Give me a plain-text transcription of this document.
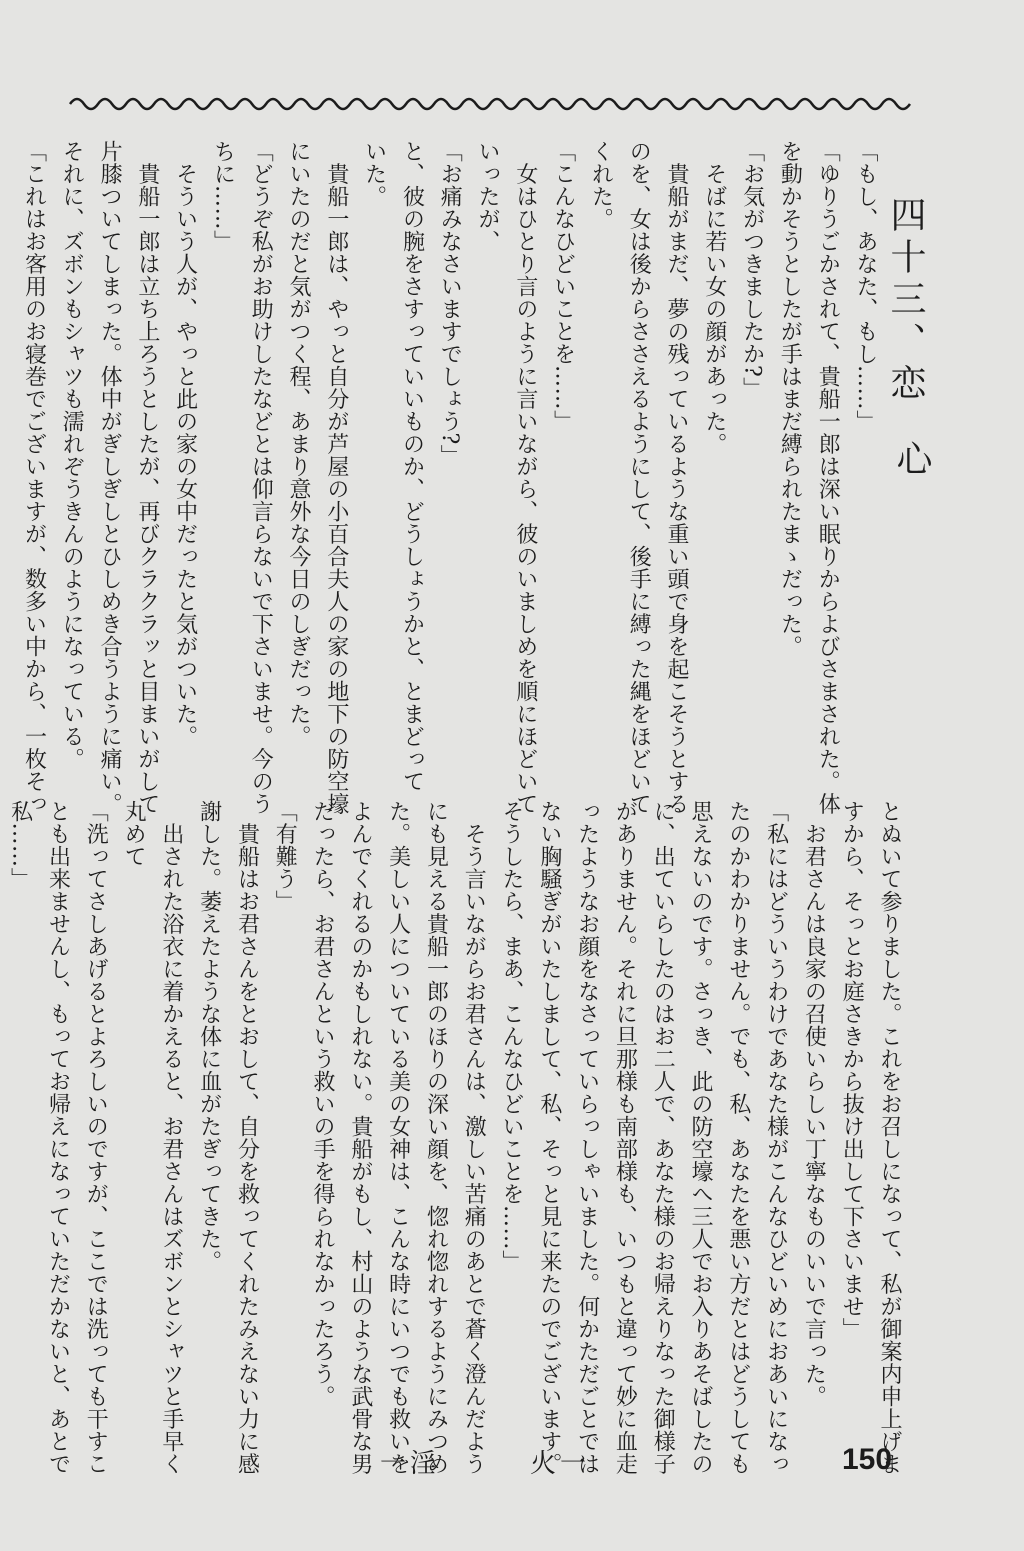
四十三、恋
心
「もし、あなた、もし……」
「ゆりうごかされて、貴船一郎は深い眠りからよびさまされた。体
を動かそうとしたが手はまだ縛られたまゝだった。
「お気がつきましたか?」
　そばに若い女の顔があった。
　貴船がまだ、夢の残っているような重い頭で身を起こそうとする
のを、女は後からささえるようにして、後手に縛った縄をほどいて
くれた。
「こんなひどいことを……」
　女はひとり言のように言いながら、彼のいましめを順にほどいて
いったが、
「お痛みなさいますでしょう?」
と、彼の腕をさすっていいものか、どうしょうかと、とまどって
いた。
　貴船一郎は、やっと自分が芦屋の小百合夫人の家の地下の防空壕
にいたのだと気がつく程、あまり意外な今日のしぎだった。
「どうぞ私がお助けしたなどとは仰言らないで下さいませ。今のう
ちに……」
　そういう人が、やっと此の家の女中だったと気がついた。
　貴船一郎は立ち上ろうとしたが、再びクラクラッと目まいがして
片膝ついてしまった。体中がぎしぎしとひしめき合うように痛い。
それに、ズボンもシャツも濡れぞうきんのようになっている。
「これはお客用のお寝巻でございますが、数多い中から、一枚そっ
とぬいて参りました。これをお召しになって、私が御案内申上げま
すから、そっとお庭さきから抜け出して下さいませ」
　お君さんは良家の召使いらしい丁寧なものいいで言った。
「私にはどういうわけであなた様がこんなひどいめにおあいになっ
たのかわかりません。でも、私、あなたを悪い方だとはどうしても
思えないのです。さっき、此の防空壕へ三人でお入りあそばしたの
に、出ていらしたのはお二人で、あなた様のお帰えりなった御様子
がありません。それに旦那様も南部様も、いつもと違って妙に血走
ったようなお顔をなさっていらっしゃいました。何かただごとでは
ない胸騒ぎがいたしまして、私、そっと見に来たのでございます。
そうしたら、まあ、こんなひどいことを……」
　そう言いながらお君さんは、激しい苦痛のあとで蒼く澄んだよう
にも見える貴船一郎のほりの深い顔を、惚れ惚れするようにみつめ
た。美しい人についている美の女神は、こんな時にいつでも救いを
よんでくれるのかもしれない。貴船がもし、村山のような武骨な男
だったら、お君さんという救いの手を得られなかったろう。
「有難う」
　貴船はお君さんをとおして、自分を救ってくれたみえない力に感
謝した。萎えたような体に血がたぎってきた。
　出された浴衣に着かえると、お君さんはズボンとシャツと手早く
丸めて
「洗ってさしあげるとよろしいのですが、ここでは洗っても干すこ
とも出来ませんし、もってお帰えになっていただかないと、あとで
私……」
一淫　　　火一	150
